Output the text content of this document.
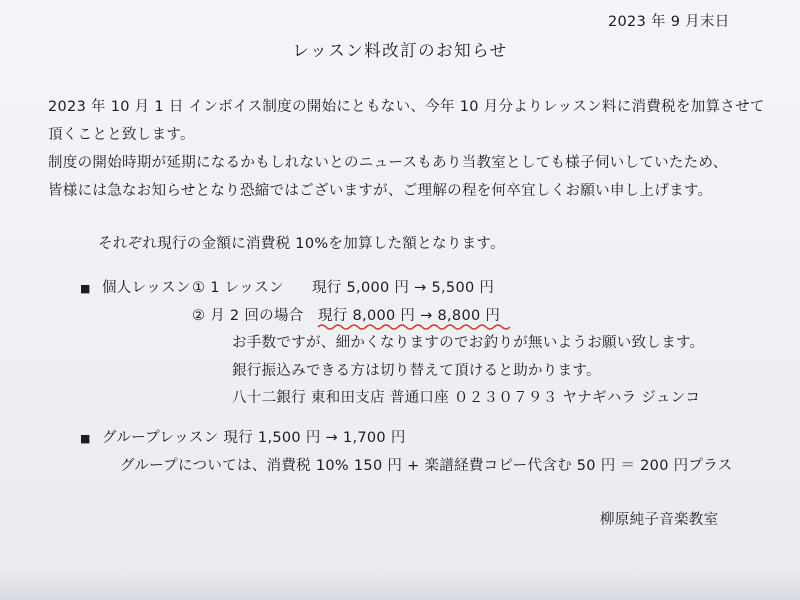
2023 年 9 月末日
レッスン料改訂のお知らせ
2023 年 10 月 1 日 インボイス制度の開始にともない、今年 10 月分よりレッスン料に消費税を加算させて
頂くことと致します。
制度の開始時期が延期になるかもしれないとのニュースもあり当教室としても様子伺いしていたため、
皆様には急なお知らせとなり恐縮ではございますが、ご理解の程を何卒宜しくお願い申し上げます。
それぞれ現行の金額に消費税 10%を加算した額となります。
■ 個人レッスン ① 1 レッスン 現行 5,000 円 → 5,500 円
② 月 2 回の場合 現行 8,000 円 → 8,800 円
お手数ですが、細かくなりますのでお釣りが無いようお願い致します。
銀行振込みできる方は切り替えて頂けると助かります。
八十二銀行 東和田支店 普通口座 ０２３０７９３ ヤナギハラ ジュンコ
■ グループレッスン 現行 1,500 円 → 1,700 円
グループについては、消費税 10% 150 円 + 楽譜経費コピー代含む 50 円 ＝ 200 円プラス
柳原純子音楽教室
